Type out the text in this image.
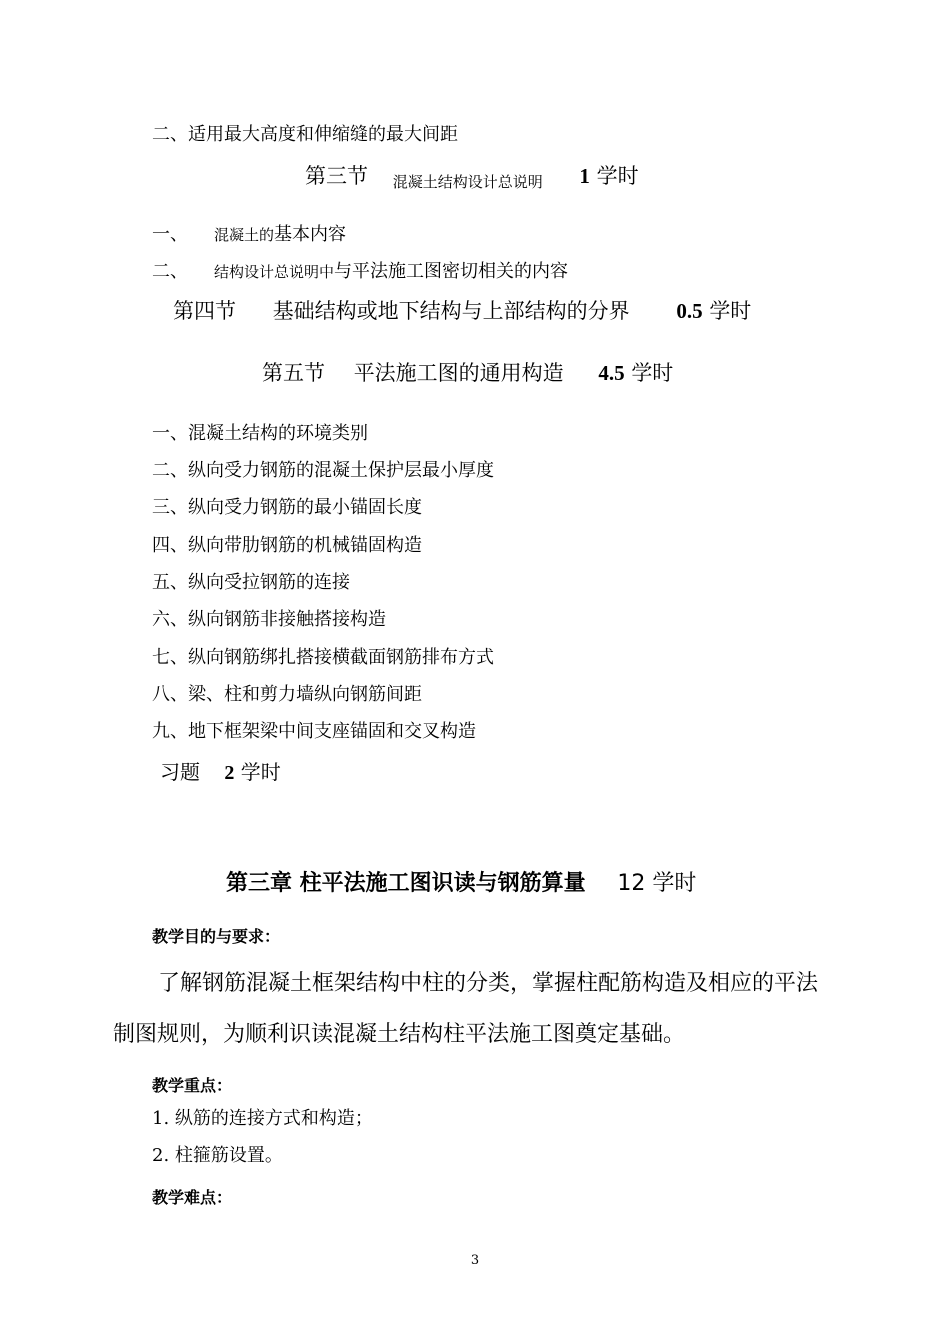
二、适用最大高度和伸缩缝的最大间距
第三节 混凝土结构设计总说明 1 学时
一、 混凝土的基本内容
二、 结构设计总说明中与平法施工图密切相关的内容
第四节 基础结构或地下结构与上部结构的分界 0.5 学时
第五节 平法施工图的通用构造 4.5 学时
一、混凝土结构的环境类别
二、纵向受力钢筋的混凝土保护层最小厚度
三、纵向受力钢筋的最小锚固长度
四、纵向带肋钢筋的机械锚固构造
五、纵向受拉钢筋的连接
六、纵向钢筋非接触搭接构造
七、纵向钢筋绑扎搭接横截面钢筋排布方式
八、梁、柱和剪力墙纵向钢筋间距
九、地下框架梁中间支座锚固和交叉构造
习题 2 学时
第三章 柱平法施工图识读与钢筋算量 12 学时
教学目的与要求：
了解钢筋混凝土框架结构中柱的分类，掌握柱配筋构造及相应的平法
制图规则，为顺利识读混凝土结构柱平法施工图奠定基础。
教学重点：
1. 纵筋的连接方式和构造；
2. 柱箍筋设置。
教学难点：
3
